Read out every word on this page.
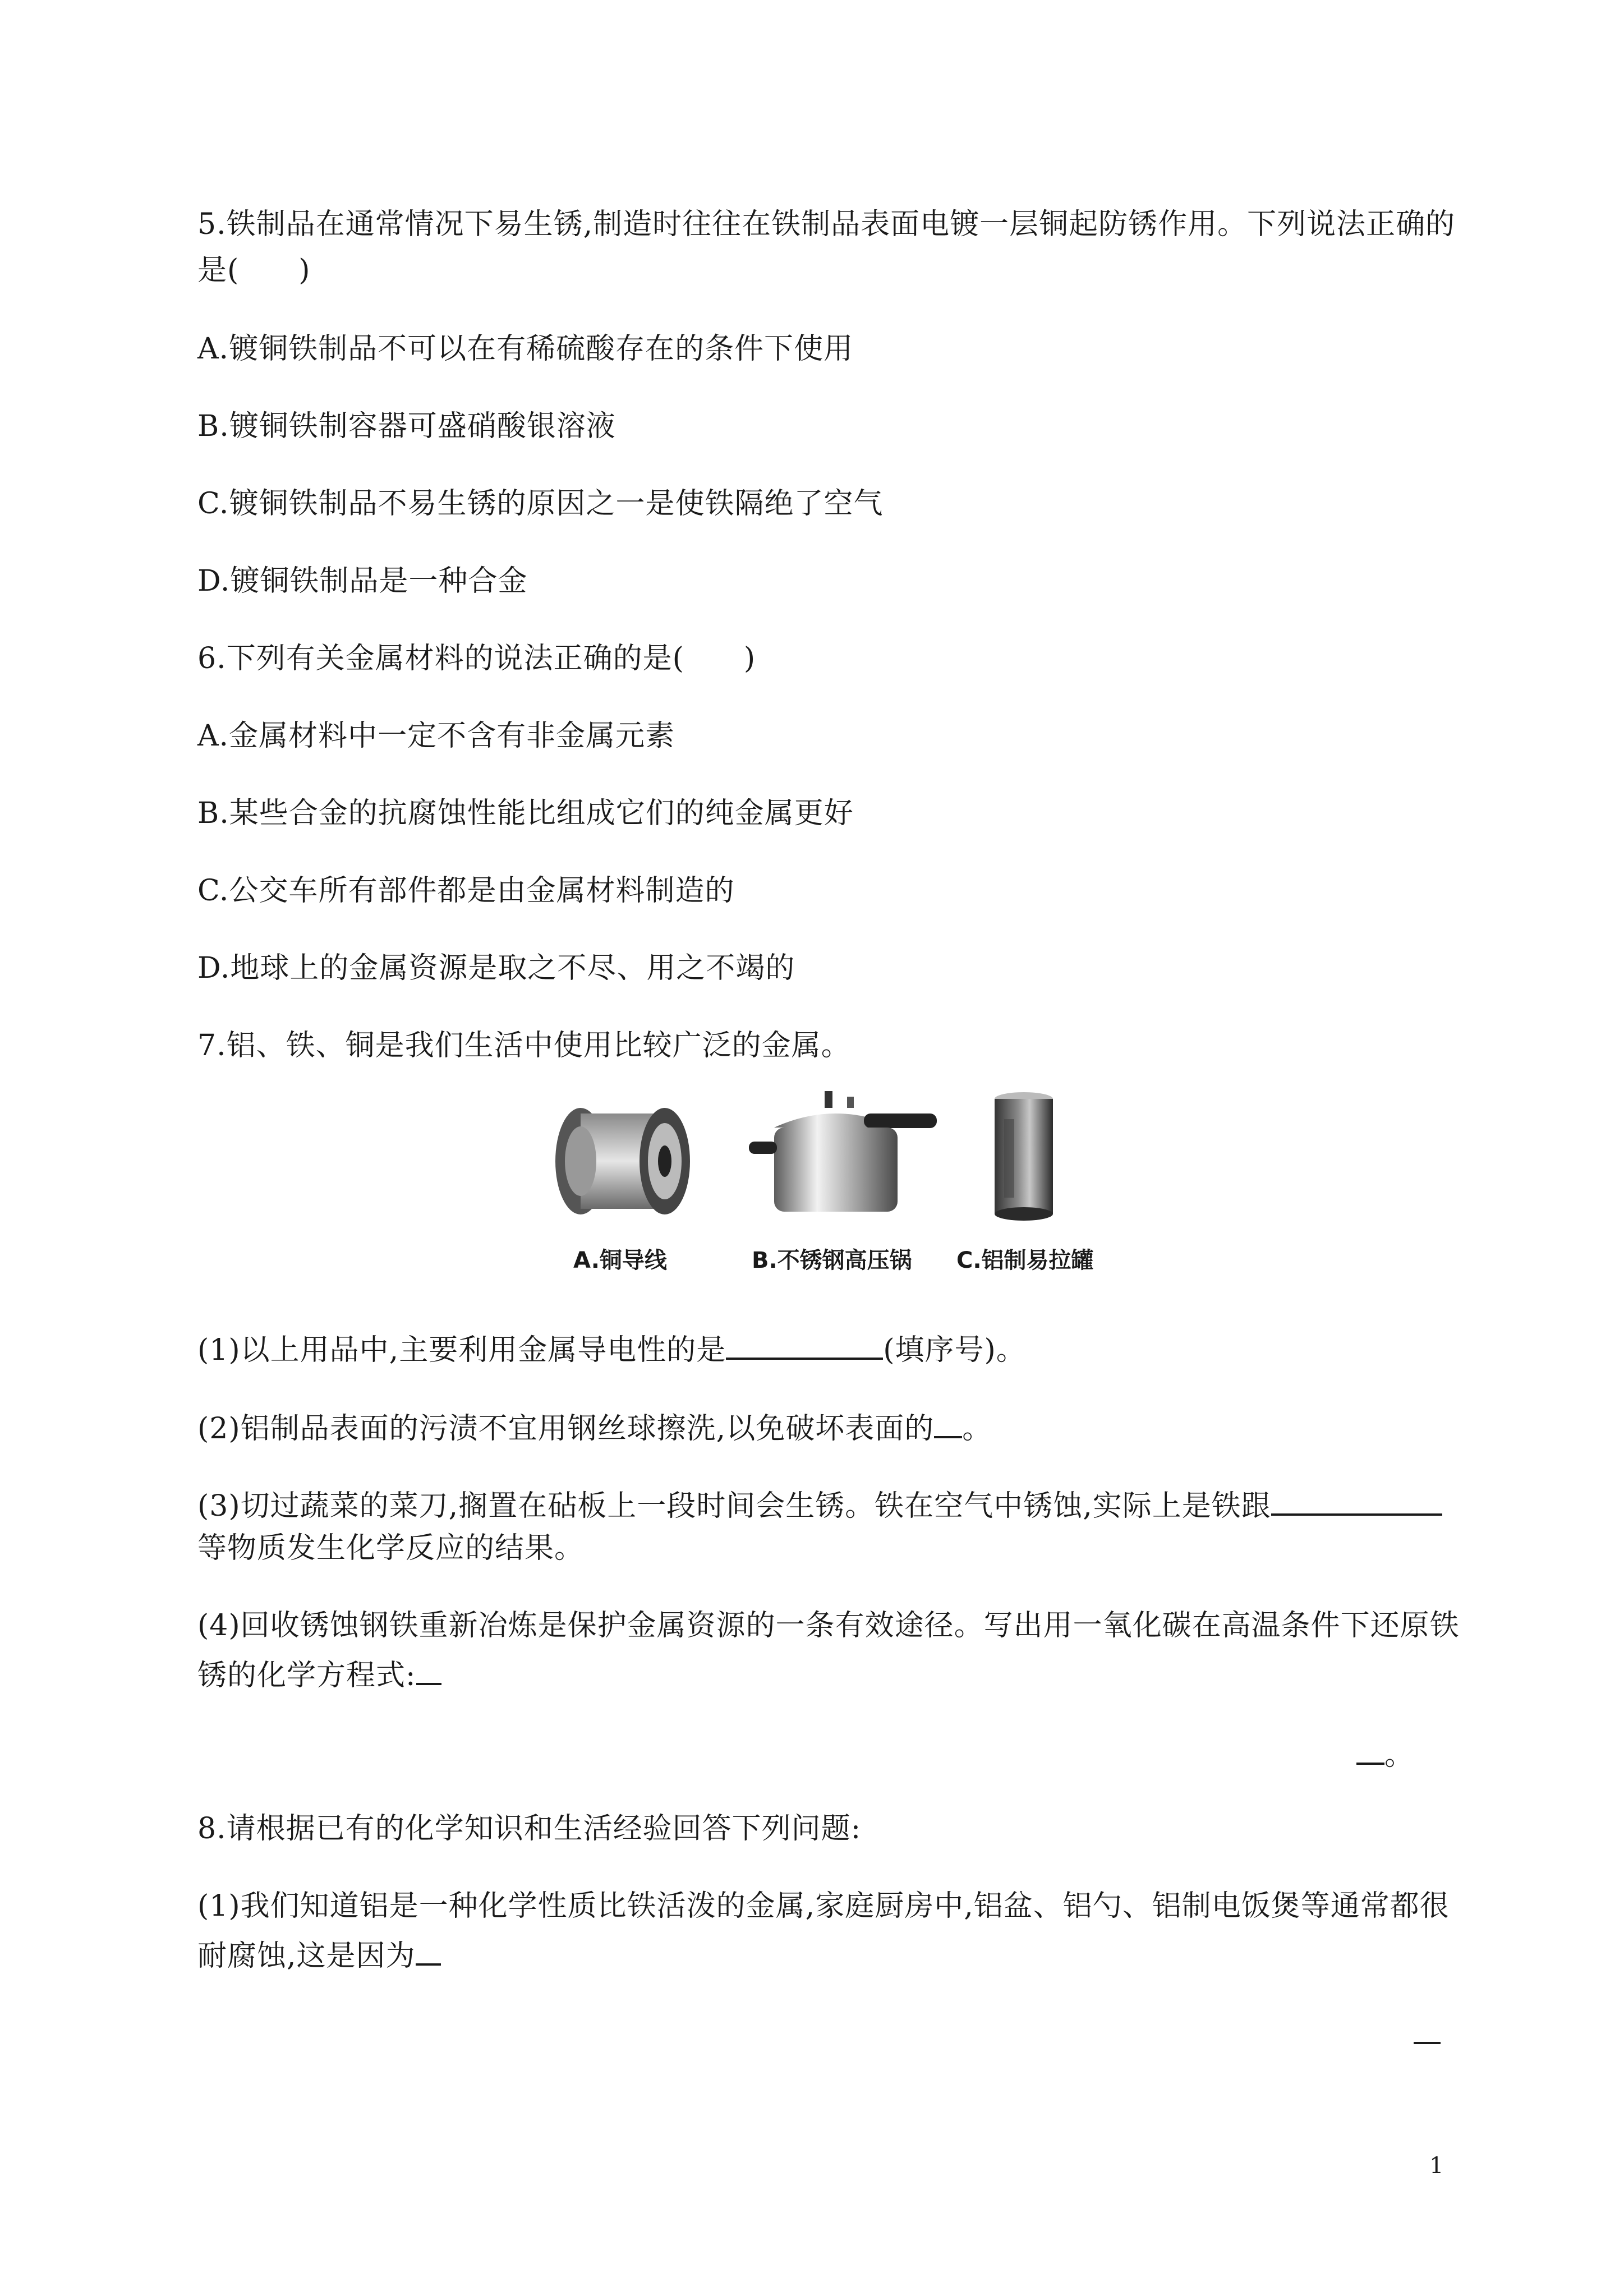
5.铁制品在通常情况下易生锈,制造时往往在铁制品表面电镀一层铜起防锈作用。下列说法正确的
是(　　)
A.镀铜铁制品不可以在有稀硫酸存在的条件下使用
B.镀铜铁制容器可盛硝酸银溶液
C.镀铜铁制品不易生锈的原因之一是使铁隔绝了空气
D.镀铜铁制品是一种合金
6.下列有关金属材料的说法正确的是(　　)
A.金属材料中一定不含有非金属元素
B.某些合金的抗腐蚀性能比组成它们的纯金属更好
C.公交车所有部件都是由金属材料制造的
D.地球上的金属资源是取之不尽、用之不竭的
7.铝、铁、铜是我们生活中使用比较广泛的金属。
A.铜导线	B.不锈钢高压锅 C.铝制易拉罐
(1)以上用品中,主要利用金属导电性的是	(填序号)。
(2)铝制品表面的污渍不宜用钢丝球擦洗,以免破坏表面的 。
(3)切过蔬菜的菜刀,搁置在砧板上一段时间会生锈。铁在空气中锈蚀,实际上是铁跟
等物质发生化学反应的结果。
(4)回收锈蚀钢铁重新冶炼是保护金属资源的一条有效途径。写出用一氧化碳在高温条件下还原铁
锈的化学方程式:
。
8.请根据已有的化学知识和生活经验回答下列问题:
(1)我们知道铝是一种化学性质比铁活泼的金属,家庭厨房中,铝盆、铝勺、铝制电饭煲等通常都很
耐腐蚀,这是因为
1
